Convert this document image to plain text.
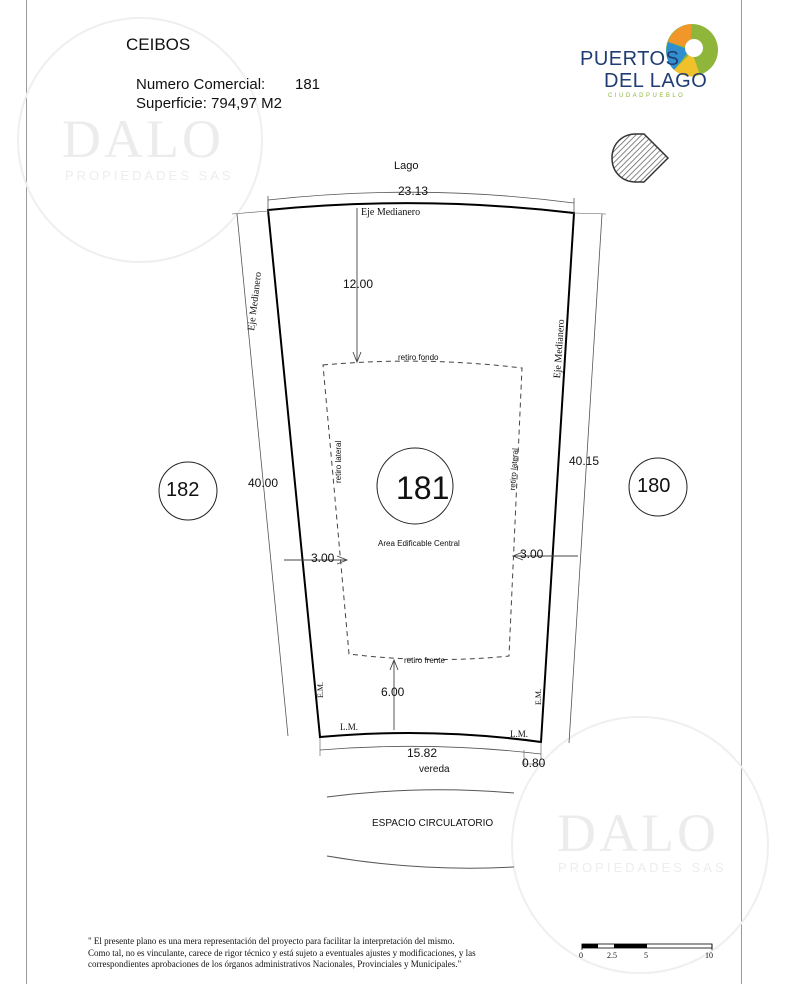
DALO
PROPIEDADES SAS
DALO
PROPIEDADES SAS
CEIBOS
Numero Comercial: 181
Superficie: 794,97 M2
PUERTOS
DEL LAGO
CIUDADPUEBLO
Lago
23.13
Eje Medianero
12.00
retiro fondo
Eje Medianero
Eje Medianero
retiro lateral	retiro lateral
182	180
181
40.00
40.15
Area Edificable Central
3.00	3.00
retiro frente
6.00
E.M.	E.M.
L.M.
L.M.
15.82
0.80
vereda
ESPACIO CIRCULATORIO
0	2.5	5	10
" El presente plano es una mera representación del proyecto para facilitar la interpretación del mismo.
Como tal, no es vinculante, carece de rigor técnico y está sujeto a eventuales ajustes y modificaciones, y las
correspondientes aprobaciones de los órganos administrativos Nacionales, Provinciales y Municipales."
